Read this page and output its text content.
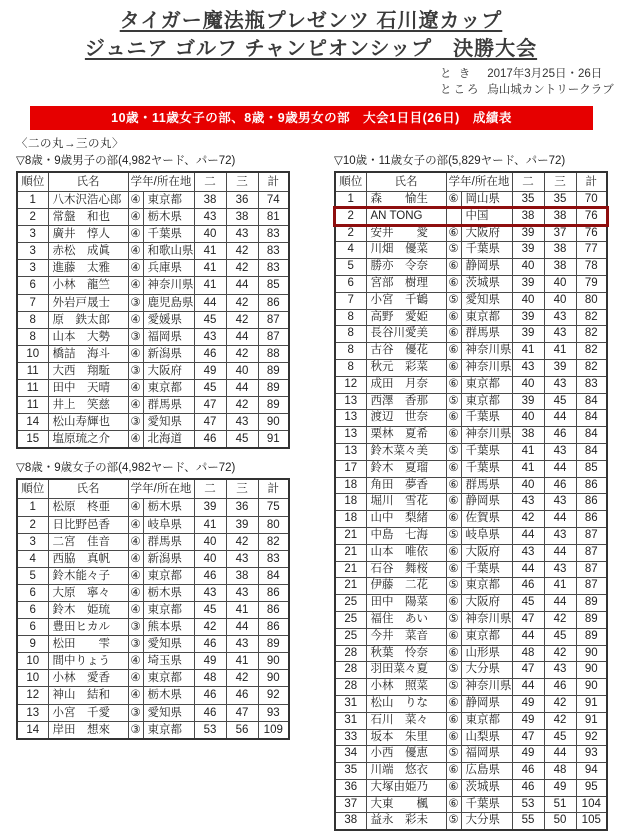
タイガー魔法瓶プレゼンツ 石川遼カップ
ジュニア ゴルフ チャンピオンシップ　決勝大会
と き 2017年3月25日・26日
ところ 烏山城カントリークラブ
10歳・11歳女子の部、8歳・9歳男女の部　大会1日目(26日)　成績表
〈二の丸→三の丸〉
▽8歳・9歳男子の部(4,982ヤード、パー72)
順位	氏名	学年/所在地		二	三	計
1	八木沢浩心郎	④	東京都	38	36	74
2	常盤　和也	④	栃木県	43	38	81
3	廣井　惇人	④	千葉県	40	43	83
3	赤松　成眞	④	和歌山県	41	42	83
3	進藤　太雅	④	兵庫県	41	42	83
6	小林　龍竺	④	神奈川県	41	44	85
7	外岩戸晟士	③	鹿児島県	44	42	86
8	原　鉄太郎	④	愛媛県	45	42	87
8	山本　大勢	③	福岡県	43	44	87
10	橋詰　海斗	④	新潟県	46	42	88
11	大西　翔駈	③	大阪府	49	40	89
11	田中　天晴	④	東京都	45	44	89
11	井上　笑慈	④	群馬県	47	42	89
14	松山寿輝也	③	愛知県	47	43	90
15	塩原琉之介	④	北海道	46	45	91
▽8歳・9歳女子の部(4,982ヤード、パー72)
順位	氏名	学年/所在地		二	三	計
1	松原　柊亜	④	栃木県	39	36	75
2	日比野邑香	④	岐阜県	41	39	80
3	二宮　佳音	④	群馬県	40	42	82
4	西脇　真帆	④	新潟県	40	43	83
5	鈴木能々子	④	東京都	46	38	84
6	大原　寧々	④	栃木県	43	43	86
6	鈴木　姫琉	④	東京都	45	41	86
6	豊田ヒカル	③	熊本県	42	44	86
9	松田　　雫	③	愛知県	46	43	89
10	間中りょう	④	埼玉県	49	41	90
10	小林　愛香	④	東京都	48	42	90
12	神山　結和	④	栃木県	46	46	92
13	小宮　千愛	③	愛知県	46	47	93
14	岸田　想來	③	東京都	53	56	109
▽10歳・11歳女子の部(5,829ヤード、パー72)
順位	氏名	学年/所在地		二	三	計
1	森　　愉生	⑥	岡山県	35	35	70
2	AN TONG		中国	38	38	76
2	安井　　愛	⑥	大阪府	39	37	76
4	川畑　優菜	⑤	千葉県	39	38	77
5	勝亦　令奈	⑥	静岡県	40	38	78
6	宮部　樹理	⑥	茨城県	39	40	79
7	小宮　千鶴	⑤	愛知県	40	40	80
8	高野　愛姫	⑥	東京都	39	43	82
8	長谷川愛美	⑥	群馬県	39	43	82
8	古谷　優花	⑥	神奈川県	41	41	82
8	秋元　彩菜	⑥	神奈川県	43	39	82
12	成田　月奈	⑥	東京都	40	43	83
13	西澤　香那	⑤	東京都	39	45	84
13	渡辺　世奈	⑥	千葉県	40	44	84
13	栗林　夏希	⑥	神奈川県	38	46	84
13	鈴木菜々美	⑤	千葉県	41	43	84
17	鈴木　夏瑠	⑥	千葉県	41	44	85
18	角田　夢香	⑥	群馬県	40	46	86
18	堀川　雪花	⑥	静岡県	43	43	86
18	山中　梨緒	⑥	佐賀県	42	44	86
21	中島　七海	⑤	岐阜県	44	43	87
21	山本　唯依	⑥	大阪府	43	44	87
21	石谷　舞桜	⑥	千葉県	44	43	87
21	伊藤　二花	⑤	東京都	46	41	87
25	田中　陽菜	⑥	大阪府	45	44	89
25	福住　あい	⑤	神奈川県	47	42	89
25	今井　菜音	⑥	東京都	44	45	89
28	秋葉　怜奈	⑥	山形県	48	42	90
28	羽田菜々夏	⑤	大分県	47	43	90
28	小林　照菜	⑤	神奈川県	44	46	90
31	松山　りな	⑥	静岡県	49	42	91
31	石川　菜々	⑥	東京都	49	42	91
33	坂本　朱里	⑥	山梨県	47	45	92
34	小西　優恵	⑤	福岡県	49	44	93
35	川端　悠衣	⑥	広島県	46	48	94
36	大塚由姫乃	⑥	茨城県	46	49	95
37	大東　　楓	⑥	千葉県	53	51	104
38	益永　彩未	⑤	大分県	55	50	105
